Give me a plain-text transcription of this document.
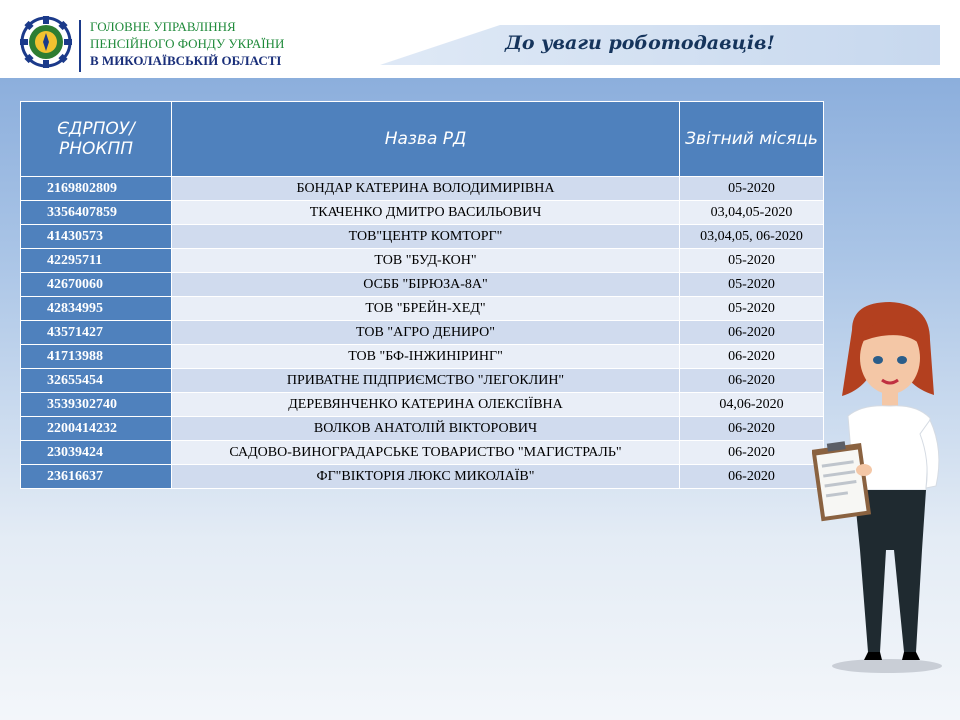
ГОЛОВНЕ УПРАВЛІННЯ
ПЕНСІЙНОГО ФОНДУ УКРАЇНИ
В МИКОЛАЇВСЬКІЙ ОБЛАСТІ
До уваги роботодавців!
ЄДРПОУ/ РНОКПП	Назва РД	Звітний місяць
2169802809	БОНДАР КАТЕРИНА ВОЛОДИМИРІВНА	05-2020
3356407859	ТКАЧЕНКО ДМИТРО ВАСИЛЬОВИЧ	03,04,05-2020
41430573	ТОВ"ЦЕНТР КОМТОРГ"	03,04,05, 06-2020
42295711	ТОВ "БУД-КОН"	05-2020
42670060	ОСББ "БІРЮЗА-8А"	05-2020
42834995	ТОВ "БРЕЙН-ХЕД"	05-2020
43571427	ТОВ "АГРО ДЕНИРО"	06-2020
41713988	ТОВ "БФ-ІНЖИНІРИНГ"	06-2020
32655454	ПРИВАТНЕ ПІДПРИЄМСТВО "ЛЕГОКЛИН"	06-2020
3539302740	ДЕРЕВЯНЧЕНКО КАТЕРИНА ОЛЕКСІЇВНА	04,06-2020
2200414232	ВОЛКОВ АНАТОЛІЙ ВІКТОРОВИЧ	06-2020
23039424	САДОВО-ВИНОГРАДАРСЬКЕ ТОВАРИСТВО "МАГИСТРАЛЬ"	06-2020
23616637	ФГ"ВІКТОРІЯ ЛЮКС МИКОЛАЇВ"	06-2020
